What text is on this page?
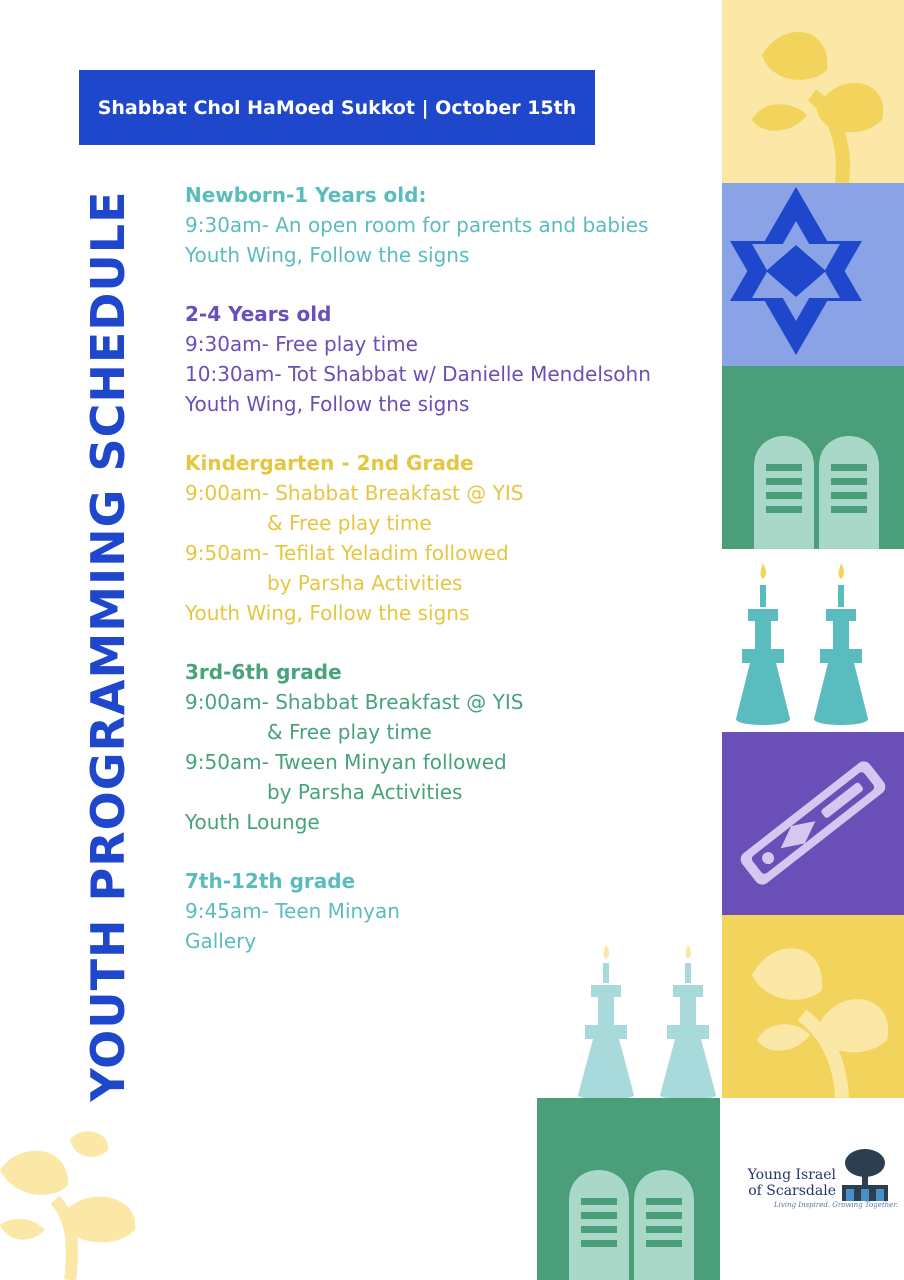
Shabbat Chol HaMoed Sukkot | October 15th
YOUTH PROGRAMMING SCHEDULE	Newborn-1 Years old:
9:30am- An open room for parents and babies
Youth Wing, Follow the signs
2-4 Years old
9:30am- Free play time
10:30am- Tot Shabbat w/ Danielle Mendelsohn
Youth Wing, Follow the signs
Kindergarten - 2nd Grade
9:00am- Shabbat Breakfast @ YIS
& Free play time
9:50am- Tefilat Yeladim followed
by Parsha Activities
Youth Wing, Follow the signs
3rd-6th grade
9:00am- Shabbat Breakfast @ YIS
& Free play time
9:50am- Tween Minyan followed
by Parsha Activities
Youth Lounge
7th-12th grade
9:45am- Teen Minyan
Gallery
Young Israel
of Scarsdale
Living Inspired. Growing Together.
